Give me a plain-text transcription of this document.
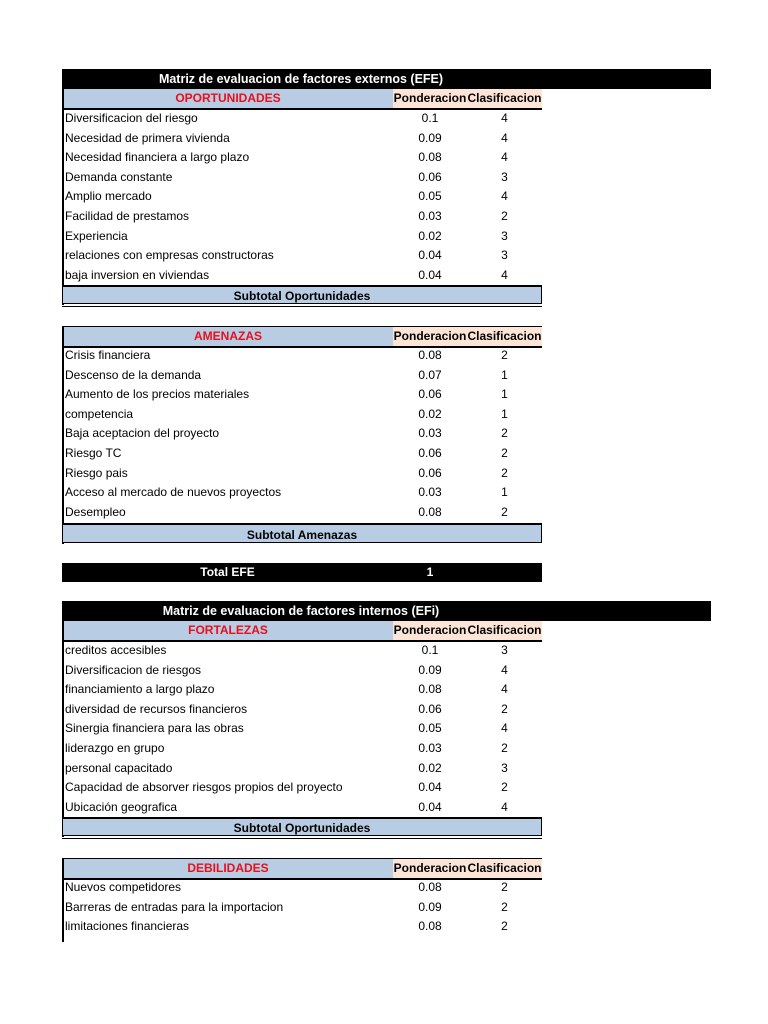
Matriz de evaluacion de factores externos (EFE)
OPORTUNIDADES	Ponderacion Clasificacion
Diversificacion del riesgo	0.1	4
Necesidad de primera vivienda	0.09	4
Necesidad financiera a largo plazo	0.08	4
Demanda constante	0.06	3
Amplio mercado	0.05	4
Facilidad de prestamos	0.03	2
Experiencia	0.02	3
relaciones con empresas constructoras	0.04	3
baja inversion en viviendas	0.04	4
Subtotal Oportunidades
AMENAZAS	Ponderacion Clasificacion
Crisis financiera	0.08	2
Descenso de la demanda	0.07	1
Aumento de los precios materiales	0.06	1
competencia	0.02	1
Baja aceptacion del proyecto	0.03	2
Riesgo TC	0.06	2
Riesgo pais	0.06	2
Acceso al mercado de nuevos proyectos	0.03	1
Desempleo	0.08	2
Subtotal Amenazas
Total EFE	1
Matriz de evaluacion de factores internos (EFi)
FORTALEZAS	Ponderacion Clasificacion
creditos accesibles	0.1	3
Diversificacion de riesgos	0.09	4
financiamiento a largo plazo	0.08	4
diversidad de recursos financieros	0.06	2
Sinergia financiera para las obras	0.05	4
liderazgo en grupo	0.03	2
personal capacitado	0.02	3
Capacidad de absorver riesgos propios del proyecto	0.04	2
Ubicación geografica	0.04	4
Subtotal Oportunidades
DEBILIDADES	Ponderacion Clasificacion
Nuevos competidores	0.08	2
Barreras de entradas para la importacion	0.09	2
limitaciones financieras	0.08	2
